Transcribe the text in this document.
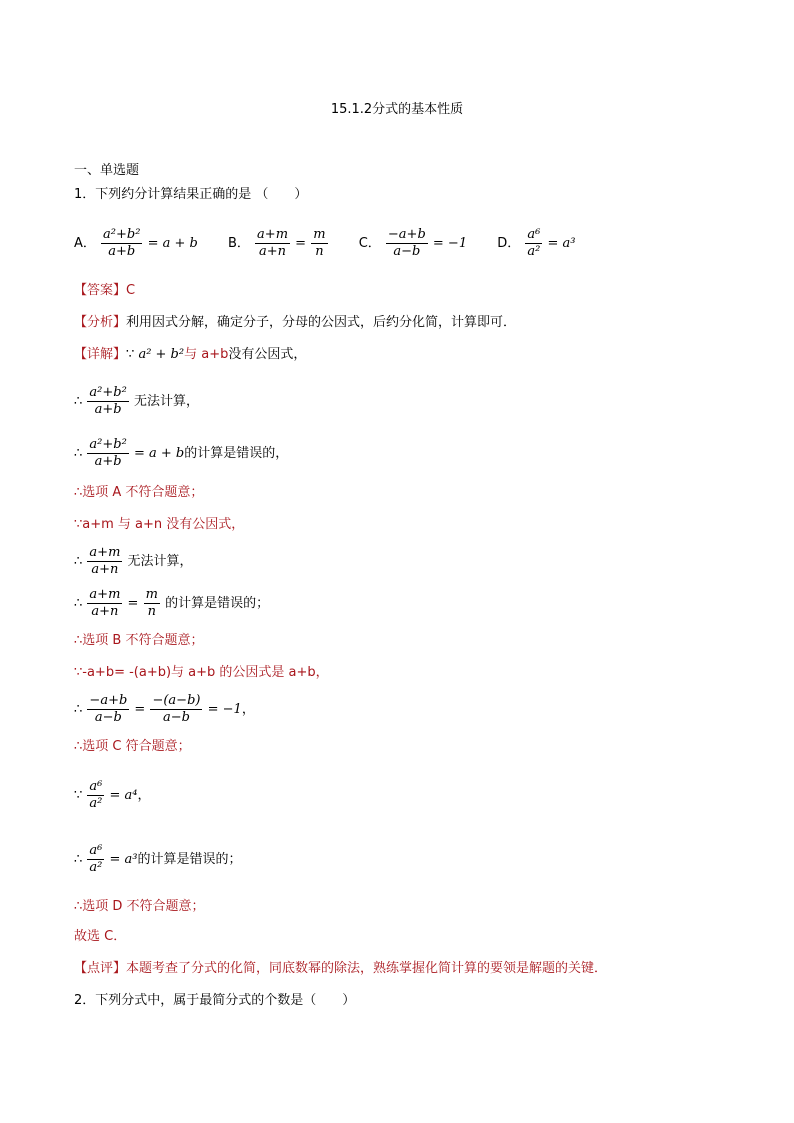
15.1.2分式的基本性质
一、单选题
1．下列约分计算结果正确的是 （　　）
A． $\frac{\text{a²+b²}}{a+b} = a + b$ B． $\frac{a+m}{a+n} = \frac{m}{n}$ C． $\frac{-a+b}{a-b} = -1$ D． $\frac{\text{a⁶}}{\text{a²}} = a^3$
【答案】C
【分析】利用因式分解，确定分子，分母的公因式，后约分化简，计算即可．
【详解】∵ a² + b²与 a+b没有公因式，
∴ $\frac{\text{a²+b²}}{a+b}$ 无法计算，
∴ $\frac{\text{a²+b²}}{a+b} = a + b$的计算是错误的，
∴选项 A 不符合题意；
∵a+m 与 a+n 没有公因式，
∴ $\frac{a+m}{a+n}$ 无法计算，
∴ $\frac{a+m}{a+n} = \frac{m}{n}$ 的计算是错误的；
∴选项 B 不符合题意；
∵-a+b= -(a+b)与 a+b 的公因式是 a+b，
∴ $\frac{-a+b}{a-b} = \frac{-(a-b)}{a-b} = -1$，
∴选项 C 符合题意；
∵ $\frac{\text{a⁶}}{\text{a²}} = a^4$，
∴ $\frac{\text{a⁶}}{\text{a²}} = a^3$的计算是错误的；
∴选项 D 不符合题意；
故选 C．
【点评】本题考查了分式的化简，同底数幂的除法，熟练掌握化简计算的要领是解题的关键．
2．下列分式中，属于最简分式的个数是（　　）
